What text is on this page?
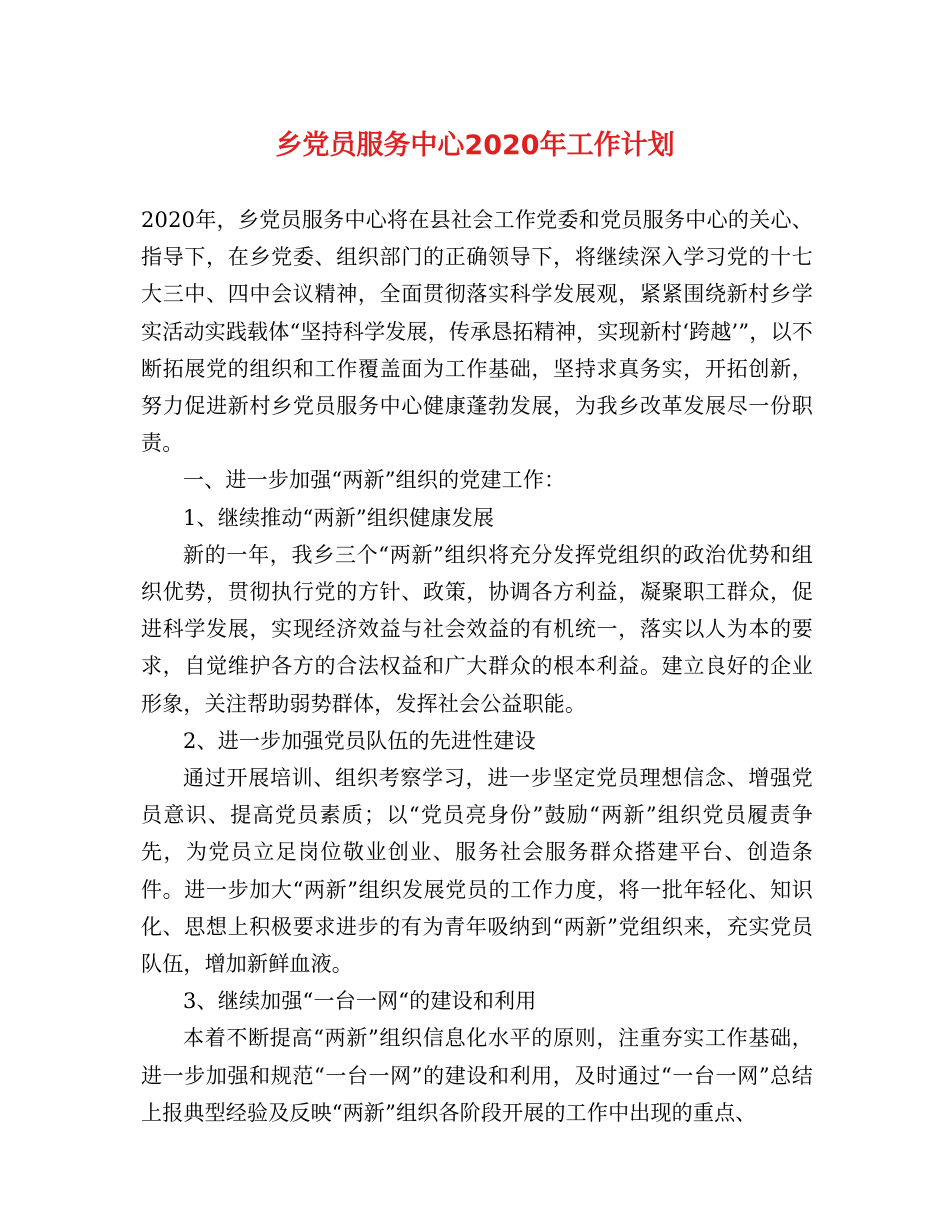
乡党员服务中心2020年工作计划

2020年，乡党员服务中心将在县社会工作党委和党员服务中心的关心、指导下，在乡党委、组织部门的正确领导下，将继续深入学习党的十七大三中、四中会议精神，全面贯彻落实科学发展观，紧紧围绕新村乡学实活动实践载体“坚持科学发展，传承恳拓精神，实现新村‘跨越’”，以不断拓展党的组织和工作覆盖面为工作基础，坚持求真务实，开拓创新，努力促进新村乡党员服务中心健康蓬勃发展，为我乡改革发展尽一份职责。

一、进一步加强“两新”组织的党建工作：

1、继续推动“两新”组织健康发展

新的一年，我乡三个“两新”组织将充分发挥党组织的政治优势和组织优势，贯彻执行党的方针、政策，协调各方利益，凝聚职工群众，促进科学发展，实现经济效益与社会效益的有机统一，落实以人为本的要求，自觉维护各方的合法权益和广大群众的根本利益。建立良好的企业形象，关注帮助弱势群体，发挥社会公益职能。

2、进一步加强党员队伍的先进性建设

通过开展培训、组织考察学习，进一步坚定党员理想信念、增强党员意识、提高党员素质；以“党员亮身份”鼓励“两新”组织党员履责争先，为党员立足岗位敬业创业、服务社会服务群众搭建平台、创造条件。进一步加大“两新”组织发展党员的工作力度，将一批年轻化、知识化、思想上积极要求进步的有为青年吸纳到“两新”党组织来，充实党员队伍，增加新鲜血液。

3、继续加强“一台一网“的建设和利用

本着不断提高“两新”组织信息化水平的原则，注重夯实工作基础，进一步加强和规范“一台一网”的建设和利用，及时通过“一台一网”总结上报典型经验及反映“两新”组织各阶段开展的工作中出现的重点、
